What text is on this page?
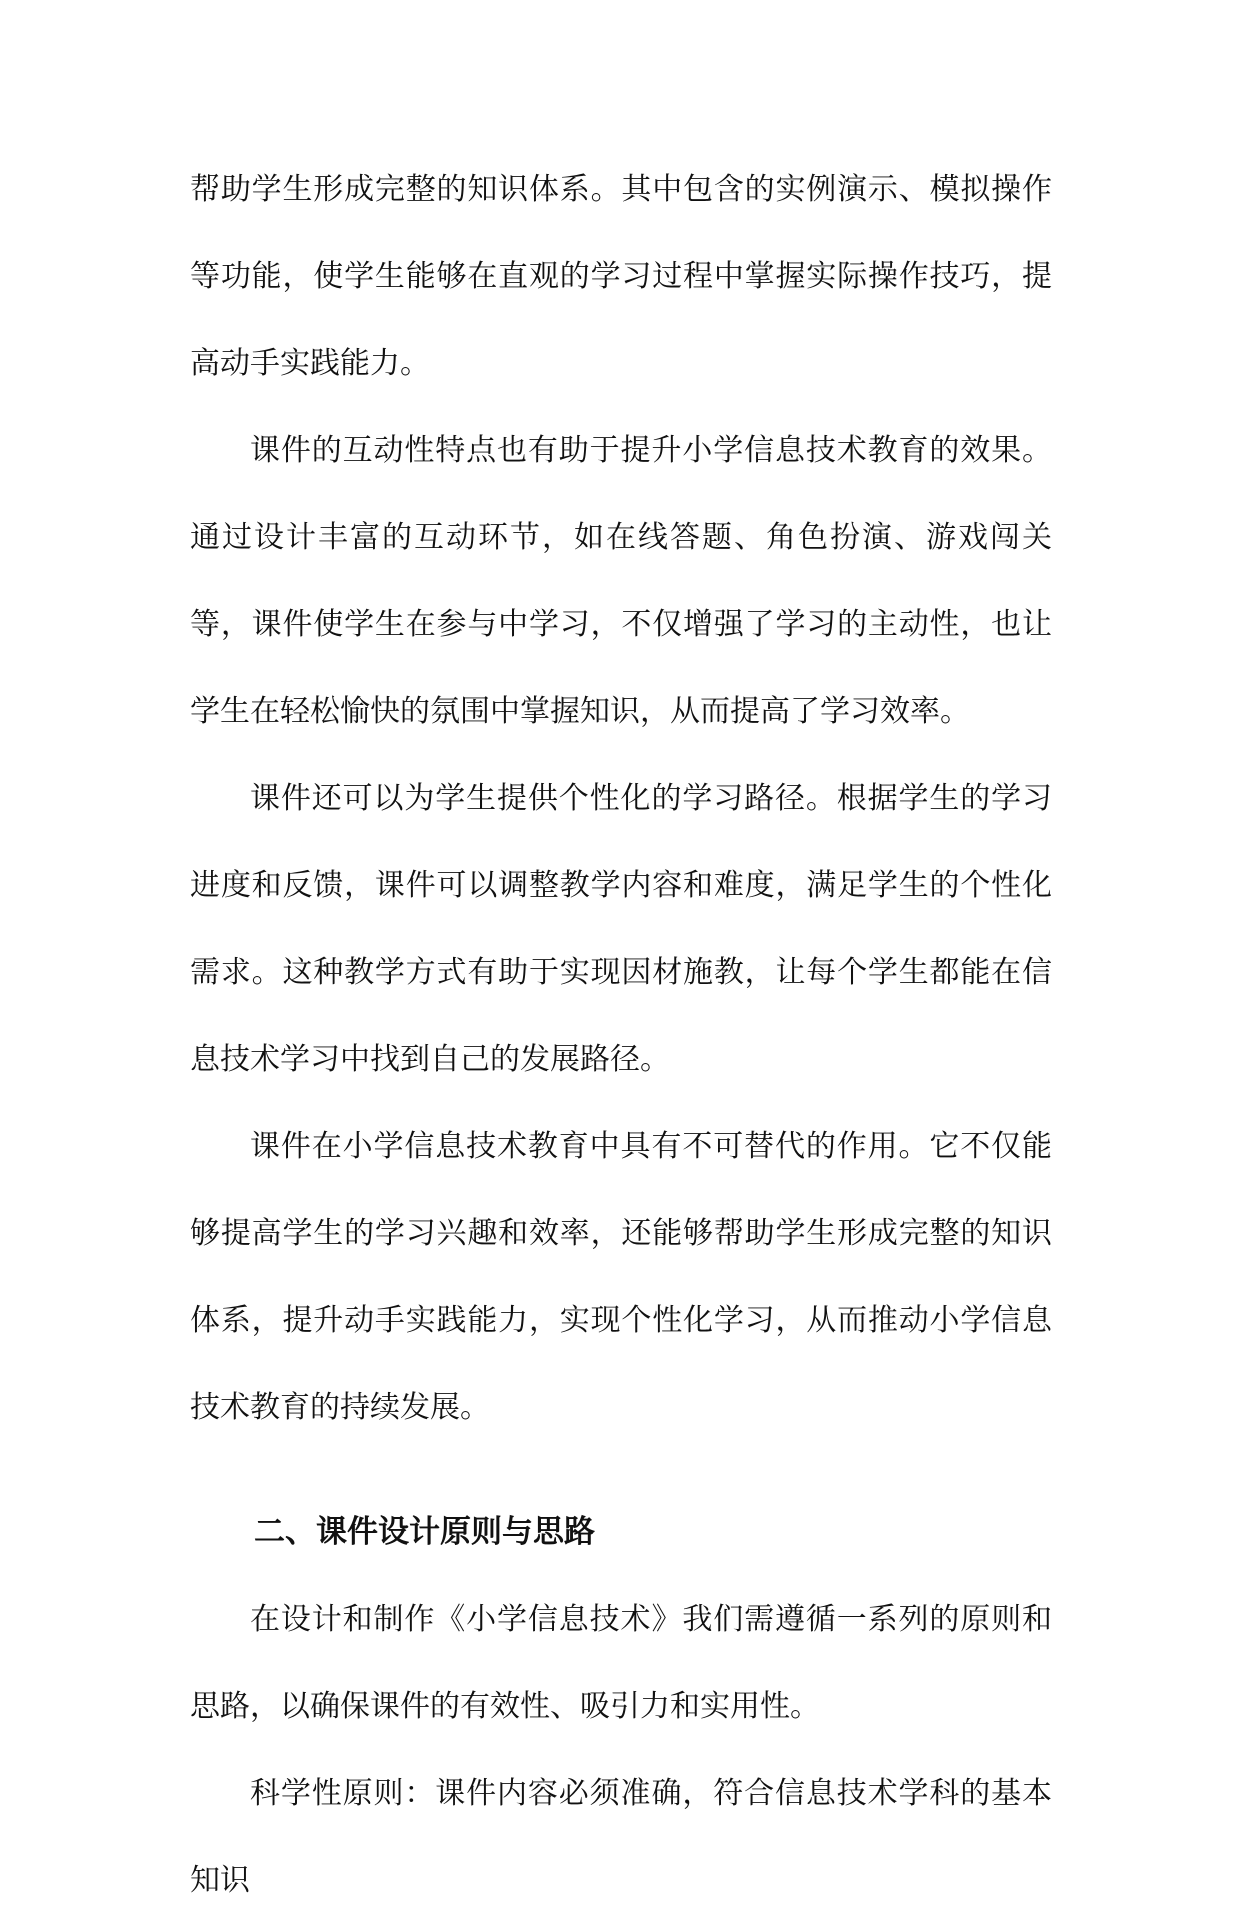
帮助学生形成完整的知识体系。其中包含的实例演示、模拟操作等功能，使学生能够在直观的学习过程中掌握实际操作技巧，提高动手实践能力。

课件的互动性特点也有助于提升小学信息技术教育的效果。通过设计丰富的互动环节，如在线答题、角色扮演、游戏闯关等，课件使学生在参与中学习，不仅增强了学习的主动性，也让学生在轻松愉快的氛围中掌握知识，从而提高了学习效率。

课件还可以为学生提供个性化的学习路径。根据学生的学习进度和反馈，课件可以调整教学内容和难度，满足学生的个性化需求。这种教学方式有助于实现因材施教，让每个学生都能在信息技术学习中找到自己的发展路径。

课件在小学信息技术教育中具有不可替代的作用。它不仅能够提高学生的学习兴趣和效率，还能够帮助学生形成完整的知识体系，提升动手实践能力，实现个性化学习，从而推动小学信息技术教育的持续发展。

二、课件设计原则与思路

在设计和制作《小学信息技术》我们需遵循一系列的原则和思路，以确保课件的有效性、吸引力和实用性。

科学性原则：课件内容必须准确，符合信息技术学科的基本知识
